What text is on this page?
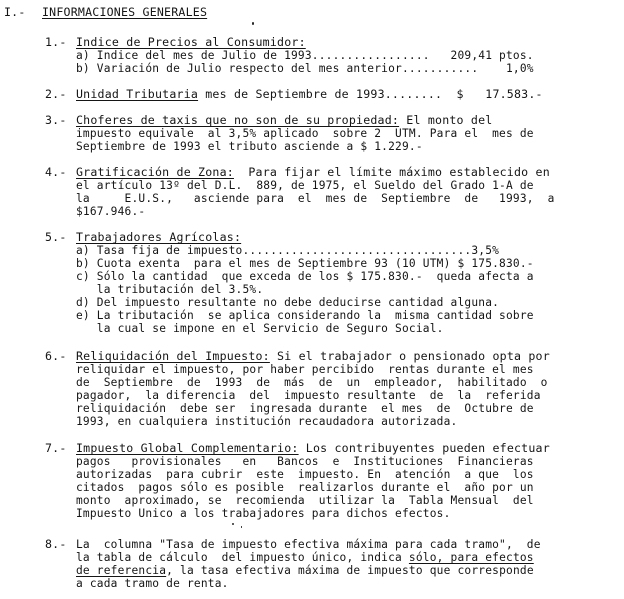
I.- INFORMACIONES GENERALES
1.- Indice de Precios al Consumidor:
a) Indice del mes de Julio de 1993.................   209,41 ptos.
b) Variación de Julio respecto del mes anterior...........    1,0%
2.- Unidad Tributaria mes de Septiembre de 1993........  $   17.583.-
3.- Choferes de taxis que no son de su propiedad: El monto del
impuesto equivale  al 3,5% aplicado  sobre 2  UTM. Para el  mes de
Septiembre de 1993 el tributo asciende a $ 1.229.-
4.- Gratificación de Zona:  Para fijar el límite máximo establecido en
el artículo 13º del D.L.  889, de 1975, el Sueldo del Grado 1-A de
la     E.U.S.,   asciende para  el  mes de  Septiembre  de   1993,  a
$167.946.-
5.- Trabajadores Agrícolas:
a) Tasa fija de impuesto.................................3,5%
b) Cuota exenta  para el mes de Septiembre 93 (10 UTM) $ 175.830.-
c) Sólo la cantidad  que exceda de los $ 175.830.-  queda afecta a
la tributación del 3.5%.
d) Del impuesto resultante no debe deducirse cantidad alguna.
e) La tributación  se aplica considerando la  misma cantidad sobre
la cual se impone en el Servicio de Seguro Social.
6.- Reliquidación del Impuesto: Si el trabajador o pensionado opta por
reliquidar el impuesto, por haber percibido  rentas durante el mes
de  Septiembre  de  1993  de  más  de  un  empleador,  habilitado  o
pagador,  la diferencia  del  impuesto resultante  de  la  referida
reliquidación  debe ser  ingresada durante  el mes  de  Octubre de
1993, en cualquiera institución recaudadora autorizada.
7.- Impuesto Global Complementario: Los contribuyentes pueden efectuar
pagos   provisionales   en   Bancos  e  Instituciones  Financieras
autorizadas  para cubrir  este  impuesto. En  atención  a que  los
citados  pagos sólo es posible  realizarlos durante el  año por un
monto  aproximado, se  recomienda  utilizar la  Tabla Mensual  del
Impuesto Unico a los trabajadores para dichos efectos.
8.- La  columna "Tasa de impuesto efectiva máxima para cada tramo",  de
la tabla de cálculo  del impuesto único, indica sólo, para efectos
de referencia, la tasa efectiva máxima de impuesto que corresponde
a cada tramo de renta.
